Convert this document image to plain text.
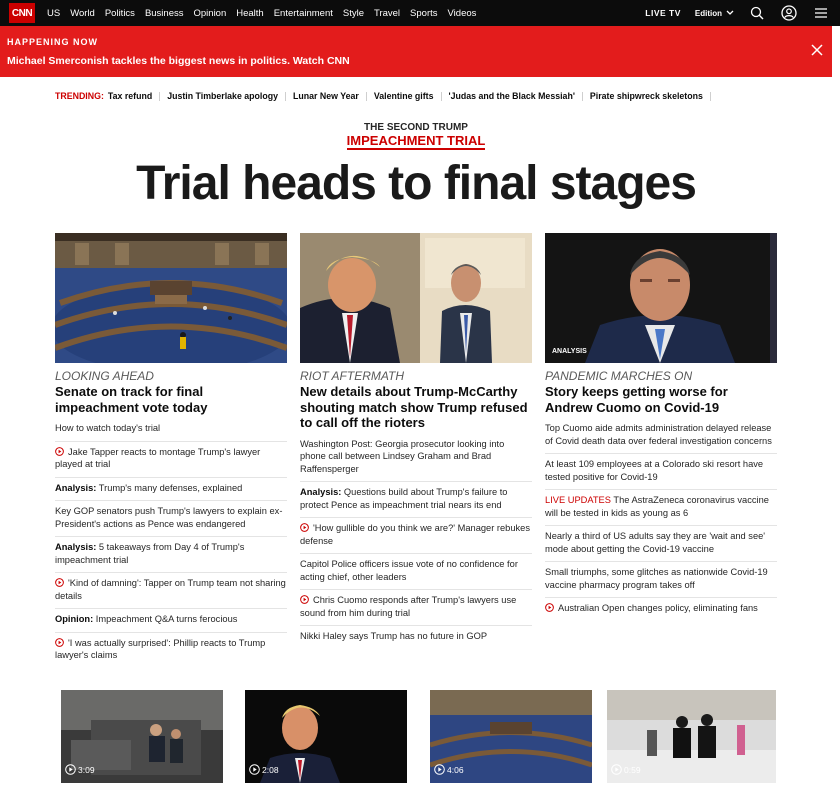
CNN	US World Politics Business Opinion Health Entertainment Style Travel Sports Videos	LIVE TV Edition
HAPPENING NOW
Michael Smerconish tackles the biggest news in politics. Watch CNN
TRENDING: Tax refund Justin Timberlake apology Lunar New Year Valentine gifts 'Judas and the Black Messiah' Pirate shipwreck skeletons
THE SECOND TRUMP
IMPEACHMENT TRIAL
Trial heads to final stages
LOOKING AHEAD
Senate on track for final impeachment vote today
How to watch today's trial
Jake Tapper reacts to montage Trump's lawyer played at trial
Analysis: Trump's many defenses, explained
Key GOP senators push Trump's lawyers to explain ex-President's actions as Pence was endangered
Analysis: 5 takeaways from Day 4 of Trump's impeachment trial
'Kind of damning': Tapper on Trump team not sharing details
Opinion: Impeachment Q&A turns ferocious
'I was actually surprised': Phillip reacts to Trump lawyer's claims
RIOT AFTERMATH
New details about Trump-McCarthy shouting match show Trump refused to call off the rioters
Washington Post: Georgia prosecutor looking into phone call between Lindsey Graham and Brad Raffensperger
Analysis: Questions build about Trump's failure to protect Pence as impeachment trial nears its end
'How gullible do you think we are?' Manager rebukes defense
Capitol Police officers issue vote of no confidence for acting chief, other leaders
Chris Cuomo responds after Trump's lawyers use sound from him during trial
Nikki Haley says Trump has no future in GOP
ANALYSIS
PANDEMIC MARCHES ON
Story keeps getting worse for Andrew Cuomo on Covid-19
Top Cuomo aide admits administration delayed release of Covid death data over federal investigation concerns
At least 109 employees at a Colorado ski resort have tested positive for Covid-19
LIVE UPDATES The AstraZeneca coronavirus vaccine will be tested in kids as young as 6
Nearly a third of US adults say they are 'wait and see' mode about getting the Covid-19 vaccine
Small triumphs, some glitches as nationwide Covid-19 vaccine pharmacy program takes off
Australian Open changes policy, eliminating fans
3:09	2:08	4:06	0:59
